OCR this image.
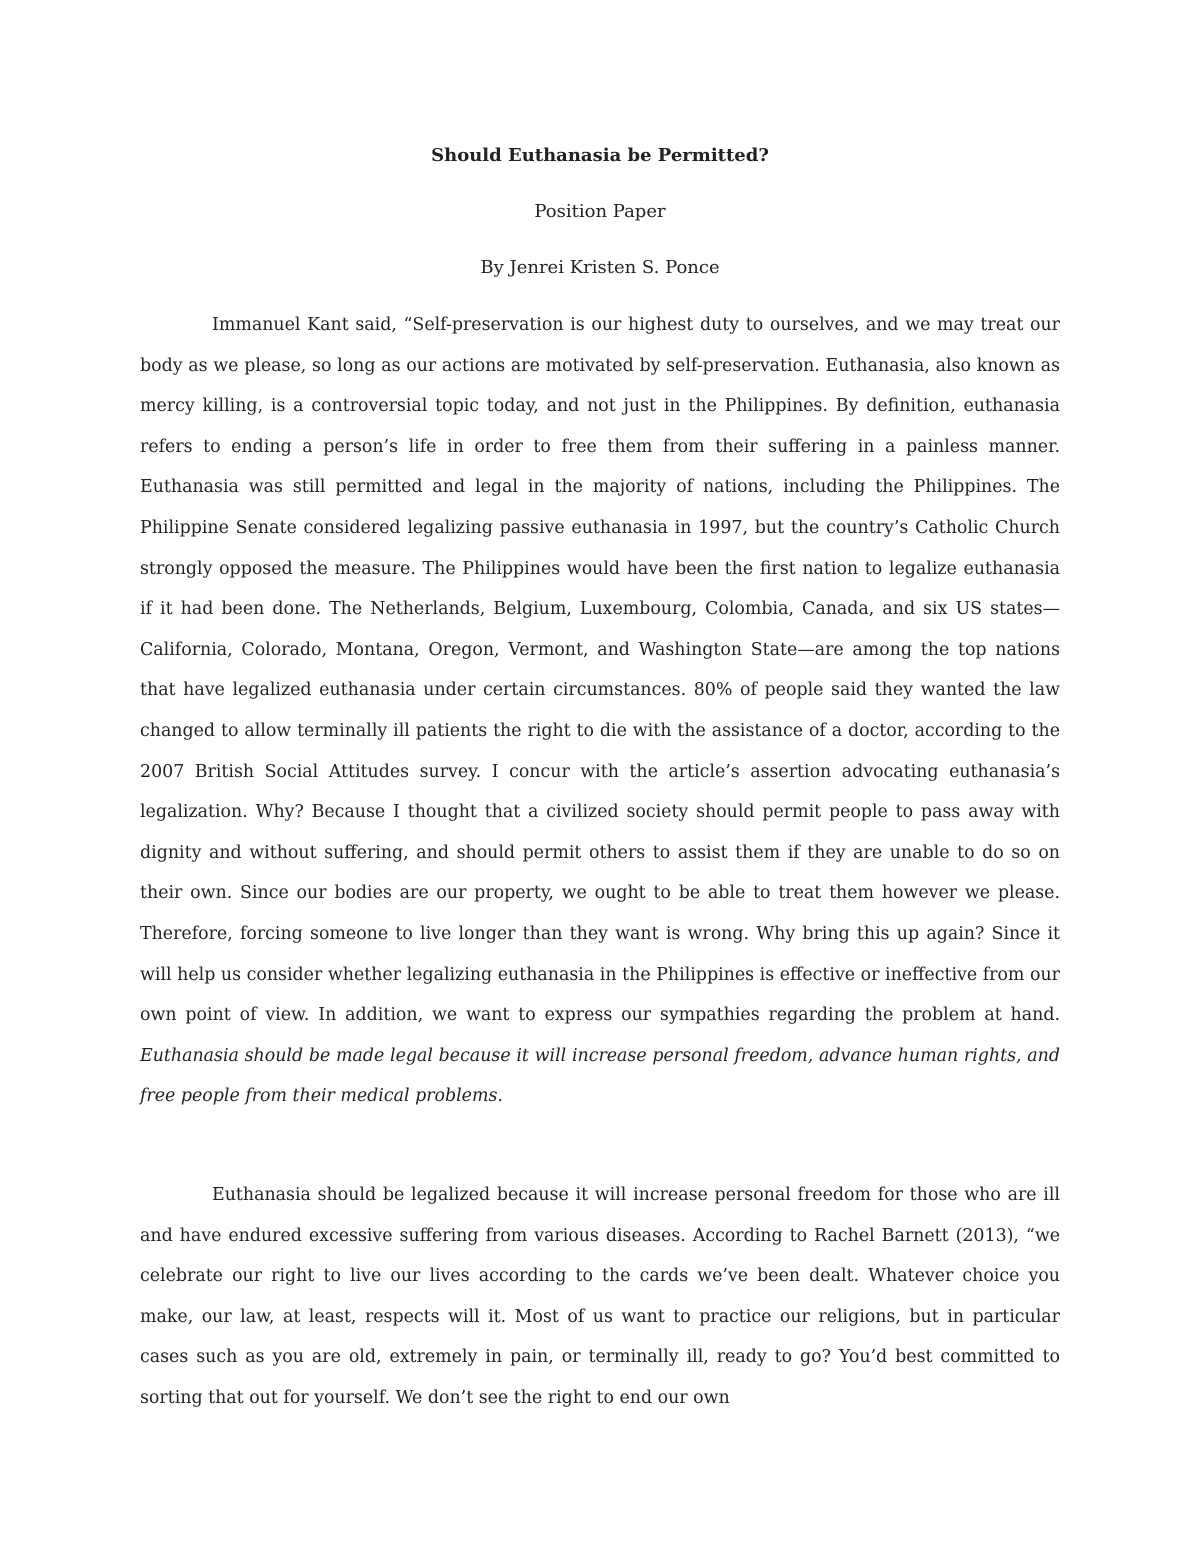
Should Euthanasia be Permitted?
Position Paper
By Jenrei Kristen S. Ponce

Immanuel Kant said, “Self-preservation is our highest duty to ourselves, and we may treat our body as we please, so long as our actions are motivated by self-preservation. Euthanasia, also known as mercy killing, is a controversial topic today, and not just in the Philippines. By definition, euthanasia refers to ending a person’s life in order to free them from their suffering in a painless manner. Euthanasia was still permitted and legal in the majority of nations, including the Philippines. The Philippine Senate considered legalizing passive euthanasia in 1997, but the country’s Catholic Church strongly opposed the measure. The Philippines would have been the first nation to legalize euthanasia if it had been done. The Netherlands, Belgium, Luxembourg, Colombia, Canada, and six US states—California, Colorado, Montana, Oregon, Vermont, and Washington State—are among the top nations that have legalized euthanasia under certain circumstances. 80% of people said they wanted the law changed to allow terminally ill patients the right to die with the assistance of a doctor, according to the 2007 British Social Attitudes survey. I concur with the article’s assertion advocating euthanasia’s legalization. Why? Because I thought that a civilized society should permit people to pass away with dignity and without suffering, and should permit others to assist them if they are unable to do so on their own. Since our bodies are our property, we ought to be able to treat them however we please. Therefore, forcing someone to live longer than they want is wrong. Why bring this up again? Since it will help us consider whether legalizing euthanasia in the Philippines is effective or ineffective from our own point of view. In addition, we want to express our sympathies regarding the problem at hand. Euthanasia should be made legal because it will increase personal freedom, advance human rights, and free people from their medical problems.

Euthanasia should be legalized because it will increase personal freedom for those who are ill and have endured excessive suffering from various diseases. According to Rachel Barnett (2013), “we celebrate our right to live our lives according to the cards we’ve been dealt. Whatever choice you make, our law, at least, respects will it. Most of us want to practice our religions, but in particular cases such as you are old, extremely in pain, or terminally ill, ready to go? You’d best committed to sorting that out for yourself. We don’t see the right to end our own
